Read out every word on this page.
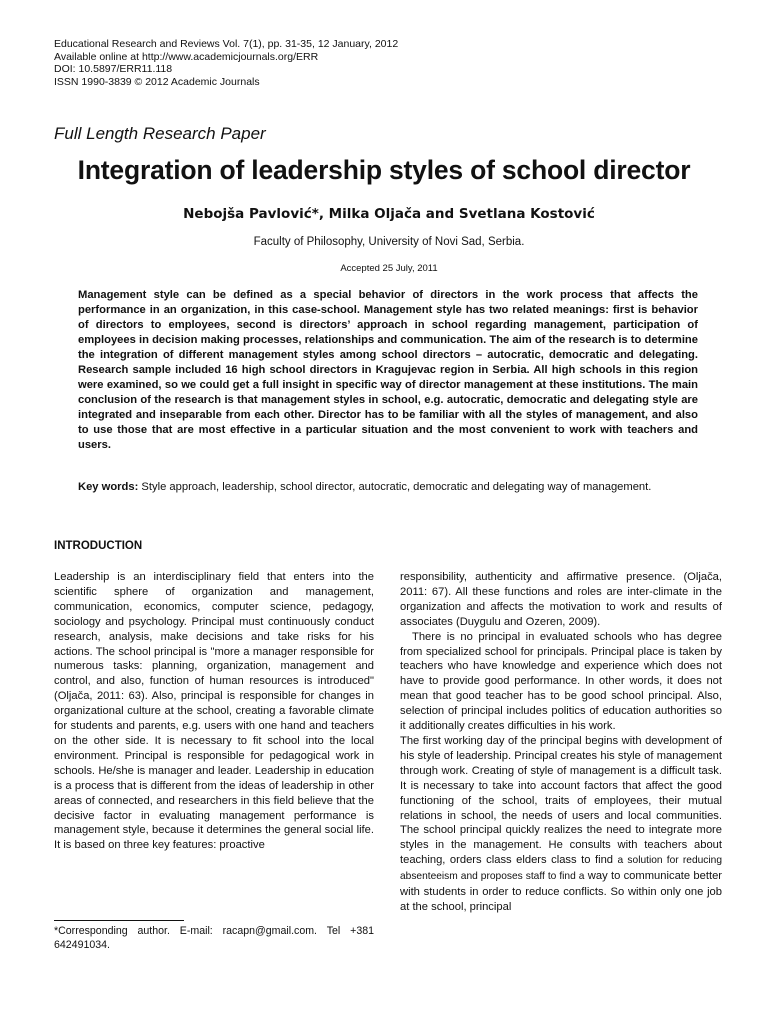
Educational Research and Reviews Vol. 7(1), pp. 31-35, 12 January, 2012
Available online at http://www.academicjournals.org/ERR
DOI: 10.5897/ERR11.118
ISSN 1990-3839 © 2012 Academic Journals
Full Length Research Paper
Integration of leadership styles of school director
Nebojša Pavlović*, Milka Oljača and Svetlana Kostović
Faculty of Philosophy, University of Novi Sad, Serbia.
Accepted 25 July, 2011
Management style can be defined as a special behavior of directors in the work process that affects the performance in an organization, in this case-school. Management style has two related meanings: first is behavior of directors to employees, second is directors’ approach in school regarding management, participation of employees in decision making processes, relationships and communication. The aim of the research is to determine the integration of different management styles among school directors – autocratic, democratic and delegating. Research sample included 16 high school directors in Kragujevac region in Serbia. All high schools in this region were examined, so we could get a full insight in specific way of director management at these institutions. The main conclusion of the research is that management styles in school, e.g. autocratic, democratic and delegating style are integrated and inseparable from each other. Director has to be familiar with all the styles of management, and also to use those that are most effective in a particular situation and the most convenient to work with teachers and users.
Key words: Style approach, leadership, school director, autocratic, democratic and delegating way of management.
INTRODUCTION

Leadership is an interdisciplinary field that enters into the scientific sphere of organization and management, communication, economics, computer science, pedagogy, sociology and psychology. Principal must continuously conduct research, analysis, make decisions and take risks for his actions. The school principal is "more a manager responsible for numerous tasks: planning, organization, management and control, and also, function of human resources is introduced"(Oljača, 2011: 63). Also, principal is responsible for changes in organizational culture at the school, creating a favorable climate for students and parents, e.g. users with one hand and teachers on the other side. It is necessary to fit school into the local environment. Principal is responsible for pedagogical work in schools. He/she is manager and leader. Leadership in education is a process that is different from the ideas of leadership in other areas of connected, and researchers in this field believe that the decisive factor in evaluating management performance is management style, because it determines the general social life. It is based on three key features: proactive

responsibility, authenticity and affirmative presence. (Oljača, 2011: 67). All these functions and roles are inter-climate in the organization and affects the motivation to work and results of associates (Duygulu and Ozeren, 2009).

There is no principal in evaluated schools who has degree from specialized school for principals. Principal place is taken by teachers who have knowledge and experience which does not have to provide good performance. In other words, it does not mean that good teacher has to be good school principal. Also, selection of principal includes politics of education authorities so it additionally creates difficulties in his work.

The first working day of the principal begins with development of his style of leadership. Principal creates his style of management through work. Creating of style of management is a difficult task. It is necessary to take into account factors that affect the good functioning of the school, traits of employees, their mutual relations in school, the needs of users and local communities. The school principal quickly realizes the need to integrate more styles in the management. He consults with teachers about teaching, orders class elders class to find a solution for reducing absenteeism and proposes staff to find a way to communicate better with students in order to reduce conflicts. So within only one job at the school, principal

*Corresponding author. E-mail: racapn@gmail.com. Tel +381 642491034.
